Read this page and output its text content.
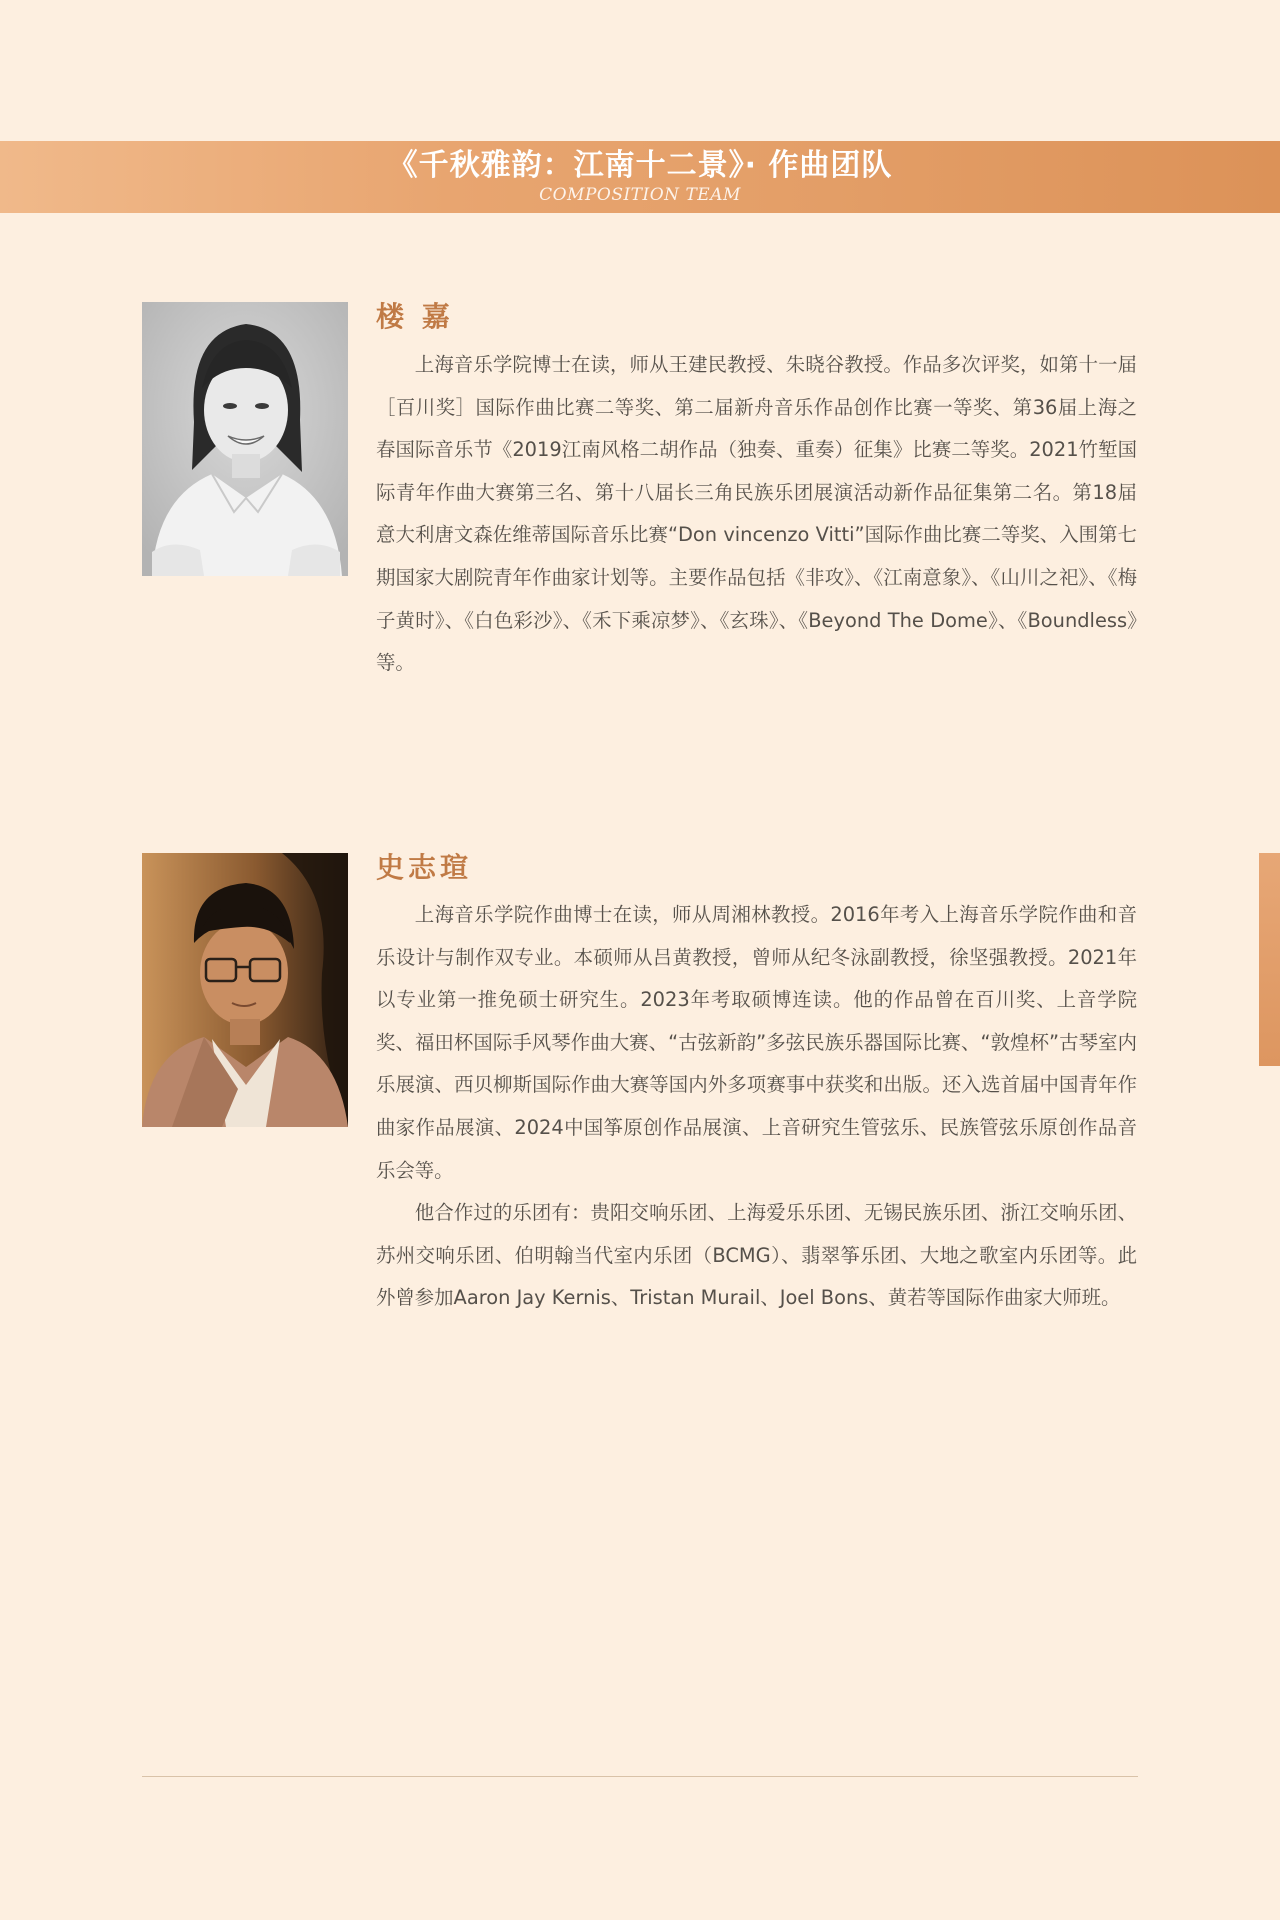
《千秋雅韵：江南十二景》· 作曲团队
COMPOSITION TEAM
楼 嘉

上海音乐学院博士在读，师从王建民教授、朱晓谷教授。作品多次评奖，如第十一届［百川奖］国际作曲比赛二等奖、第二届新舟音乐作品创作比赛一等奖、第36届上海之春国际音乐节《2019江南风格二胡作品（独奏、重奏）征集》比赛二等奖。2021竹堑国际青年作曲大赛第三名、第十八届长三角民族乐团展演活动新作品征集第二名。第18届意大利唐文森佐维蒂国际音乐比赛“Don vincenzo Vitti”国际作曲比赛二等奖、入围第七期国家大剧院青年作曲家计划等。主要作品包括《非攻》、《江南意象》、《山川之祀》、《梅子黄时》、《白色彩沙》、《禾下乘凉梦》、《玄珠》、《Beyond The Dome》、《Boundless》等。

史志瑄

上海音乐学院作曲博士在读，师从周湘林教授。2016年考入上海音乐学院作曲和音乐设计与制作双专业。本硕师从吕黄教授，曾师从纪冬泳副教授，徐坚强教授。2021年以专业第一推免硕士研究生。2023年考取硕博连读。他的作品曾在百川奖、上音学院奖、福田杯国际手风琴作曲大赛、“古弦新韵”多弦民族乐器国际比赛、“敦煌杯”古琴室内乐展演、西贝柳斯国际作曲大赛等国内外多项赛事中获奖和出版。还入选首届中国青年作曲家作品展演、2024中国筝原创作品展演、上音研究生管弦乐、民族管弦乐原创作品音乐会等。

他合作过的乐团有：贵阳交响乐团、上海爱乐乐团、无锡民族乐团、浙江交响乐团、苏州交响乐团、伯明翰当代室内乐团（BCMG）、翡翠筝乐团、大地之歌室内乐团等。此外曾参加Aaron Jay Kernis、Tristan Murail、Joel Bons、黄若等国际作曲家大师班。
